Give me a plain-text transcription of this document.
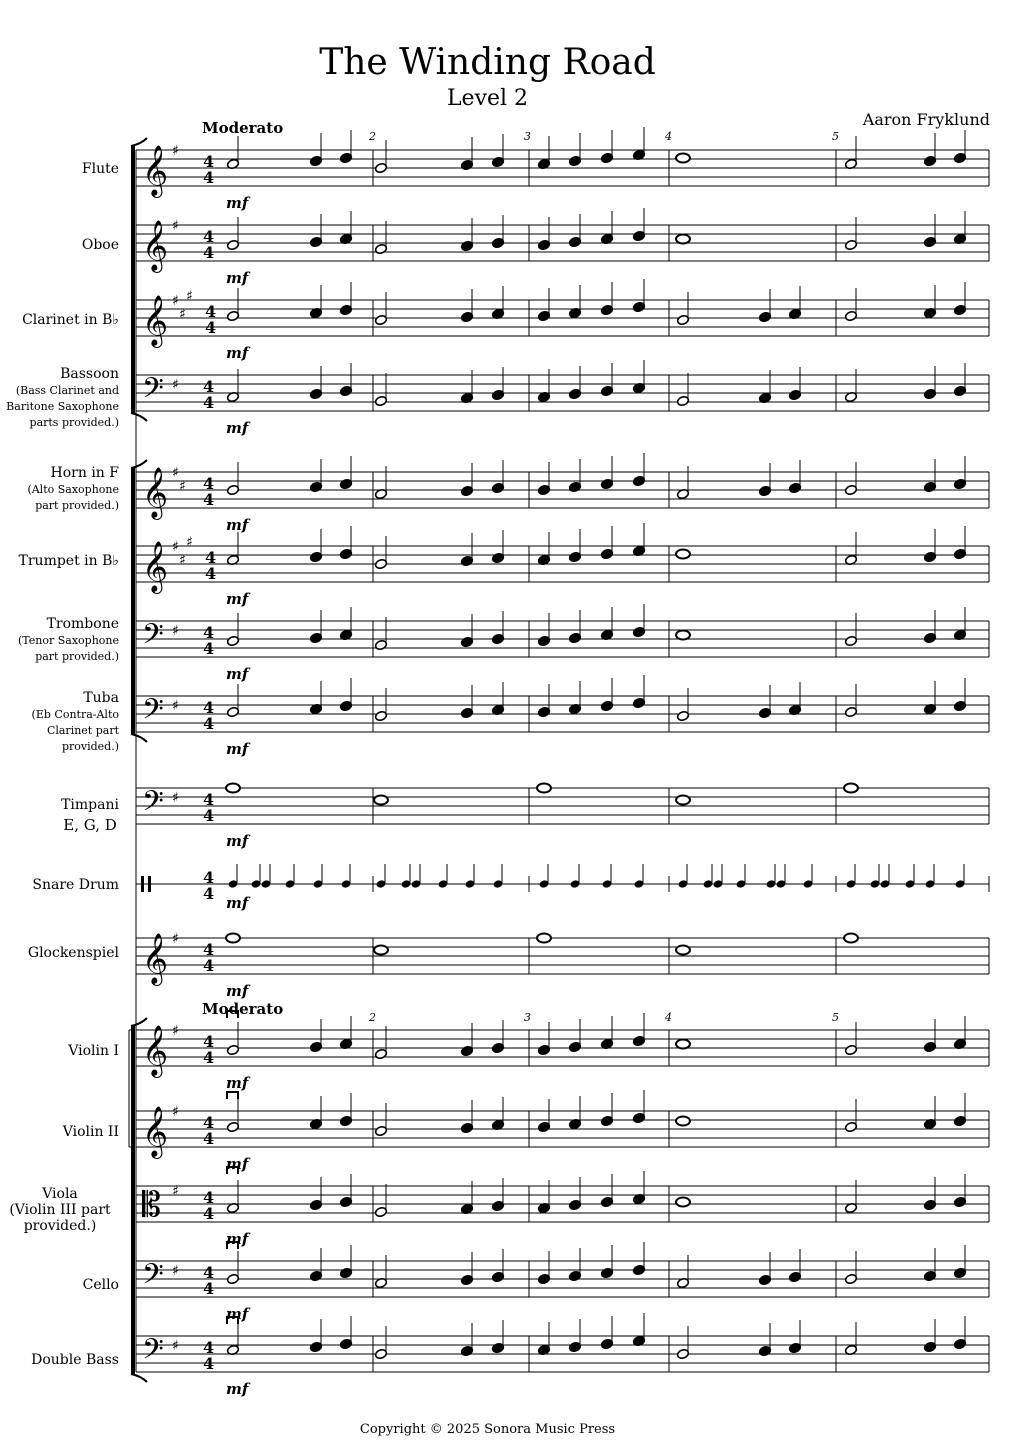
The Winding Road
Level 2
Aaron Fryklund
Moderato
Moderato
2	3	4	5
2	3	4	5
Flute
Oboe
Clarinet in B♭
Bassoon
(Bass Clarinet and Baritone Saxophone parts provided.)
Horn in F
(Alto Saxophone part provided.)
Trumpet in B♭
Trombone
(Tenor Saxophone part provided.)
Tuba
(Eb Contra-Alto Clarinet part provided.)
Timpani
E, G, D
Snare Drum
Glockenspiel
Violin I
Violin II
Viola
(Violin III part provided.)
Cello
Double Bass
𝄞 ♯
4
4
mf
𝄞 ♯
4
4
mf
𝄞 ♯
♯
♯
4
4
mf
𝄢 ♯ 4
4
mf
𝄞 ♯
♯ 4
4
mf
𝄞 ♯
♯
♯
4
4
mf
𝄢 ♯ 4
4
mf
𝄢 ♯ 4
4
mf
𝄢 ♯ 4
4
mf
4
4 mf
𝄞 ♯
4
4
mf
𝄞 ♯
4
4
mf
𝄞 ♯
4
4
mf
𝄡 ♯ 4
4
mf
𝄢 ♯ 4
4
mf
𝄢 ♯ 4
4
mf
Copyright © 2025 Sonora Music Press
